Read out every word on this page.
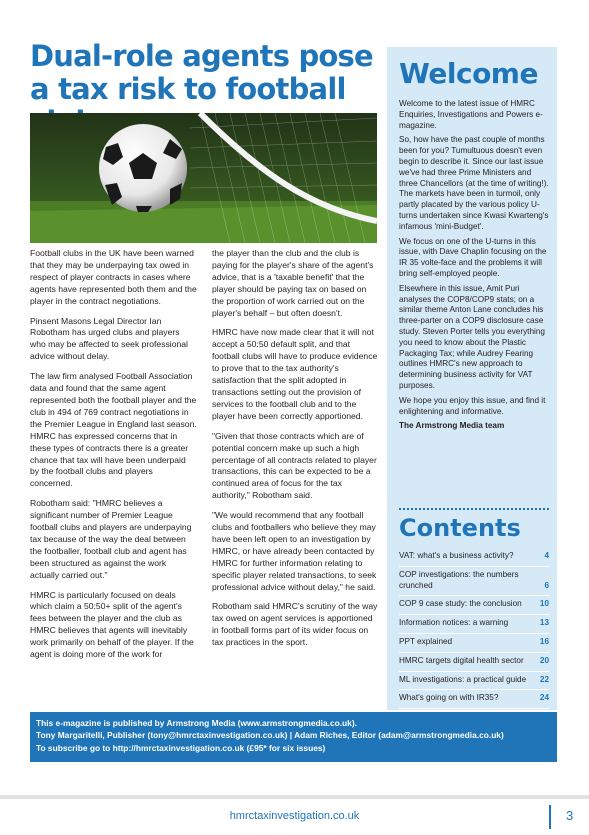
Dual-role agents pose a tax risk to football

Football clubs in the UK have been warned that they may be underpaying tax owed in respect of player contracts in cases where agents have represented both them and the player in the contract negotiations.

Pinsent Masons Legal Director Ian Robotham has urged clubs and players who may be affected to seek professional advice without delay.

The law firm analysed Football Association data and found that the same agent represented both the football player and the club in 494 of 769 contract negotiations in the Premier League in England last season. HMRC has expressed concerns that in these types of contracts there is a greater chance that tax will have been underpaid by the football clubs and players concerned.

Robotham said: "HMRC believes a significant number of Premier League football clubs and players are underpaying tax because of the way the deal between the footballer, football club and agent has been structured as against the work actually carried out."

HMRC is particularly focused on deals which claim a 50:50+ split of the agent's fees between the player and the club as HMRC believes that agents will inevitably work primarily on behalf of the player. If the agent is doing more of the work for

the player than the club and the club is paying for the player's share of the agent's advice, that is a 'taxable benefit' that the player should be paying tax on based on the proportion of work carried out on the player's behalf – but often doesn't.

HMRC have now made clear that it will not accept a 50:50 default split, and that football clubs will have to produce evidence to prove that to the tax authority's satisfaction that the split adopted in transactions setting out the provision of services to the football club and to the player have been correctly apportioned.

"Given that those contracts which are of potential concern make up such a high percentage of all contracts related to player transactions, this can be expected to be a continued area of focus for the tax authority," Robotham said.

"We would recommend that any football clubs and footballers who believe they may have been left open to an investigation by HMRC, or have already been contacted by HMRC for further information relating to specific player related transactions, to seek professional advice without delay," he said.

Robotham said HMRC's scrutiny of the way tax owed on agent services is apportioned in football forms part of its wider focus on tax practices in the sport.

Welcome

Welcome to the latest issue of HMRC Enquiries, Investigations and Powers e-magazine.

So, how have the past couple of months been for you? Tumultuous doesn't even begin to describe it. Since our last issue we've had three Prime Ministers and three Chancellors (at the time of writing!). The markets have been in turmoil, only partly placated by the various policy U-turns undertaken since Kwasi Kwarteng's infamous 'mini-Budget'.

We focus on one of the U-turns in this issue, with Dave Chaplin focusing on the IR 35 volte-face and the problems it will bring self-employed people.

Elsewhere in this issue, Amit Puri analyses the COP8/COP9 stats; on a similar theme Anton Lane concludes his three-parter on a COP9 disclosure case study. Steven Porter tells you everything you need to know about the Plastic Packaging Tax; while Audrey Fearing outlines HMRC's new approach to determining business activity for VAT purposes.

We hope you enjoy this issue, and find it enlightening and informative.

The Armstrong Media team

Contents
VAT: what's a business activity?	4
COP investigations: the numbers crunched	6
COP 9 case study: the conclusion	10
Information notices: a warning	13
PPT explained	16
HMRC targets digital health sector	20
ML investigations: a practical guide	22
What's going on with IR35?	24
This e-magazine is published by Armstrong Media (www.armstrongmedia.co.uk).
Tony Margaritelli, Publisher (tony@hmrctaxinvestigation.co.uk) | Adam Riches, Editor (adam@armstrongmedia.co.uk)
To subscribe go to http://hmrctaxinvestigation.co.uk (£95* for six issues)
hmrctaxinvestigation.co.uk	3
